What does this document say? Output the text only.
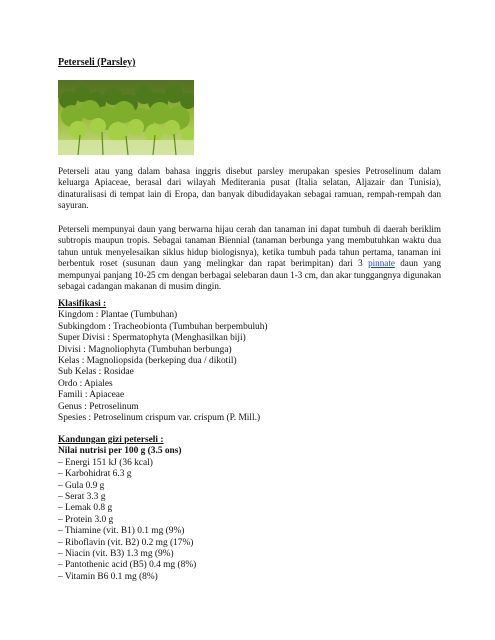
Peterseli (Parsley)
Peterseli atau yang dalam bahasa inggris disebut parsley merupakan spesies Petroselinum dalam keluarga Apiaceae, berasal dari wilayah Mediterania pusat (Italia selatan, Aljazair dan Tunisia), dinaturalisasi di tempat lain di Eropa, dan banyak dibudidayakan sebagai ramuan, rempah-rempah dan sayuran.
Peterseli mempunyai daun yang berwarna hijau cerah dan tanaman ini dapat tumbuh di daerah beriklim subtropis maupun tropis. Sebagai tanaman Biennial (tanaman berbunga yang membutuhkan waktu dua tahun untuk menyelesaikan siklus hidup biologisnya), ketika tumbuh pada tahun pertama, tanaman ini berbentuk roset (susunan daun yang melingkar dan rapat berimpitan) dari 3 pinnate daun yang mempunyai panjang 10-25 cm dengan berbagai selebaran daun 1-3 cm, dan akar tunggangnya digunakan sebagai cadangan makanan di musim dingin.
Klasifikasi :
Kingdom : Plantae (Tumbuhan)
Subkingdom : Tracheobionta (Tumbuhan berpembuluh)
Super Divisi : Spermatophyta (Menghasilkan biji)
Divisi : Magnoliophyta (Tumbuhan berbunga)
Kelas : Magnoliopsida (berkeping dua / dikotil)
Sub Kelas : Rosidae
Ordo : Apiales
Famili : Apiaceae
Genus : Petroselinum
Spesies : Petroselinum crispum var. crispum (P. Mill.)
Kandungan gizi peterseli :
Nilai nutrisi per 100 g (3.5 ons)
– Energi 151 kJ (36 kcal)
– Karbohidrat 6.3 g
– Gula 0.9 g
– Serat 3.3 g
– Lemak 0.8 g
– Protein 3.0 g
– Thiamine (vit. B1) 0.1 mg (9%)
– Riboflavin (vit. B2) 0.2 mg (17%)
– Niacin (vit. B3) 1.3 mg (9%)
– Pantothenic acid (B5) 0.4 mg (8%)
– Vitamin B6 0.1 mg (8%)
